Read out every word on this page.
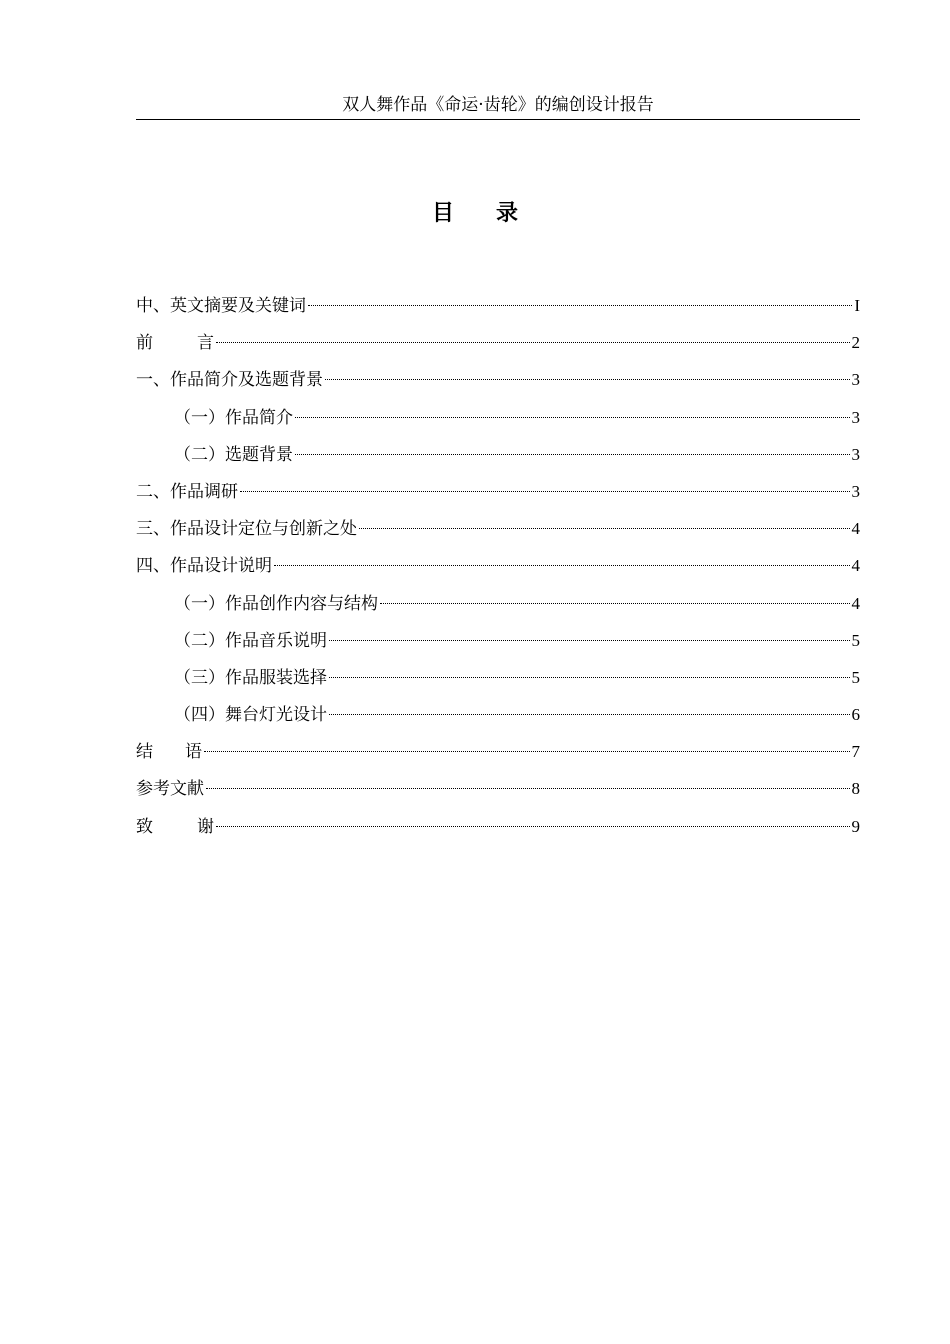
双人舞作品《命运·齿轮》的编创设计报告
目 录
中、英文摘要及关键词	I
前	言	2
一、作品简介及选题背景	3
（一）作品简介	3
（二）选题背景	3
二、作品调研	3
三、作品设计定位与创新之处	4
四、作品设计说明	4
（一）作品创作内容与结构	4
（二）作品音乐说明	5
（三）作品服装选择	5
（四）舞台灯光设计	6
结 语	7
参考文献	8
致	谢	9
